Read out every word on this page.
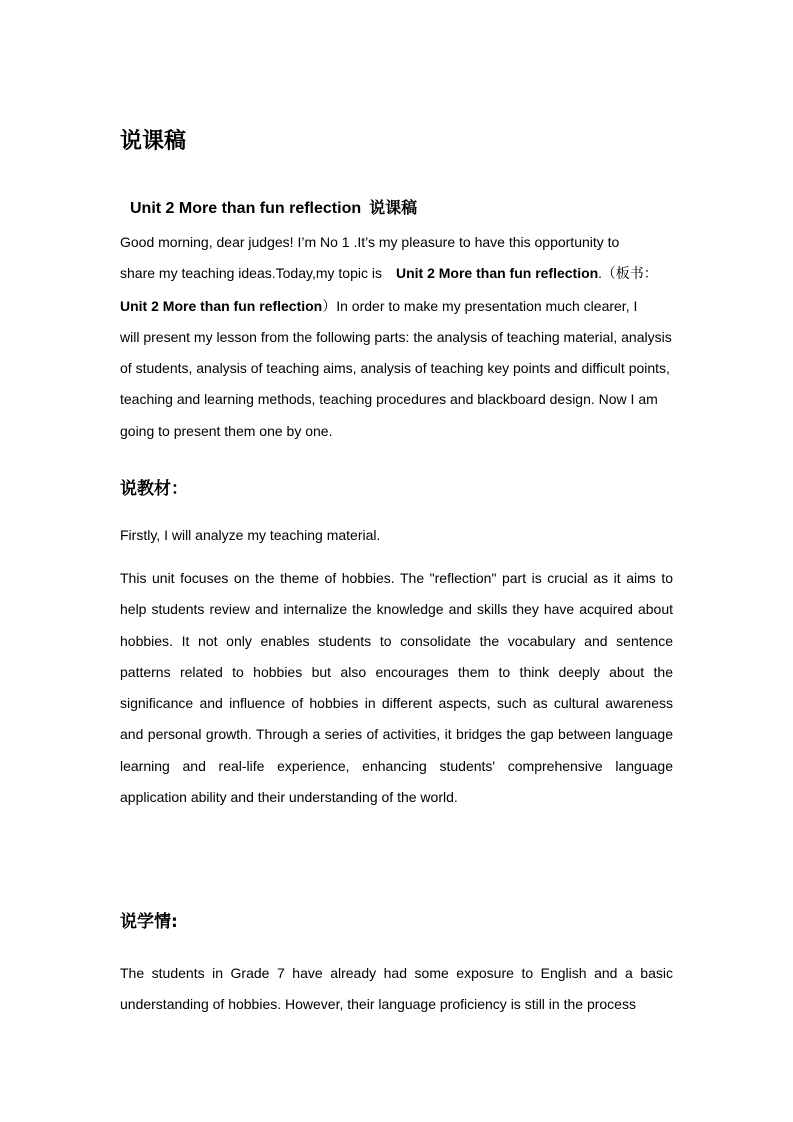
说课稿
Unit 2 More than fun reflection 说课稿

Good morning, dear judges! I’m No 1 .It’s my pleasure to have this opportunity to
share my teaching ideas.Today,my topic is Unit 2 More than fun reflection.（板书：
Unit 2 More than fun reflection）In order to make my presentation much clearer, I
will present my lesson from the following parts: the analysis of teaching material, analysis of students, analysis of teaching aims, analysis of teaching key points and difficult points, teaching and learning methods, teaching procedures and blackboard design. Now I am going to present them one by one.

说教材：

Firstly, I will analyze my teaching material.

This unit focuses on the theme of hobbies. The "reflection" part is crucial as it aims to help students review and internalize the knowledge and skills they have acquired about hobbies. It not only enables students to consolidate the vocabulary and sentence patterns related to hobbies but also encourages them to think deeply about the significance and influence of hobbies in different aspects, such as cultural awareness and personal growth. Through a series of activities, it bridges the gap between language learning and real-life experience, enhancing students' comprehensive language application ability and their understanding of the world.

说学情:

The students in Grade 7 have already had some exposure to English and a basic understanding of hobbies. However, their language proficiency is still in the process
